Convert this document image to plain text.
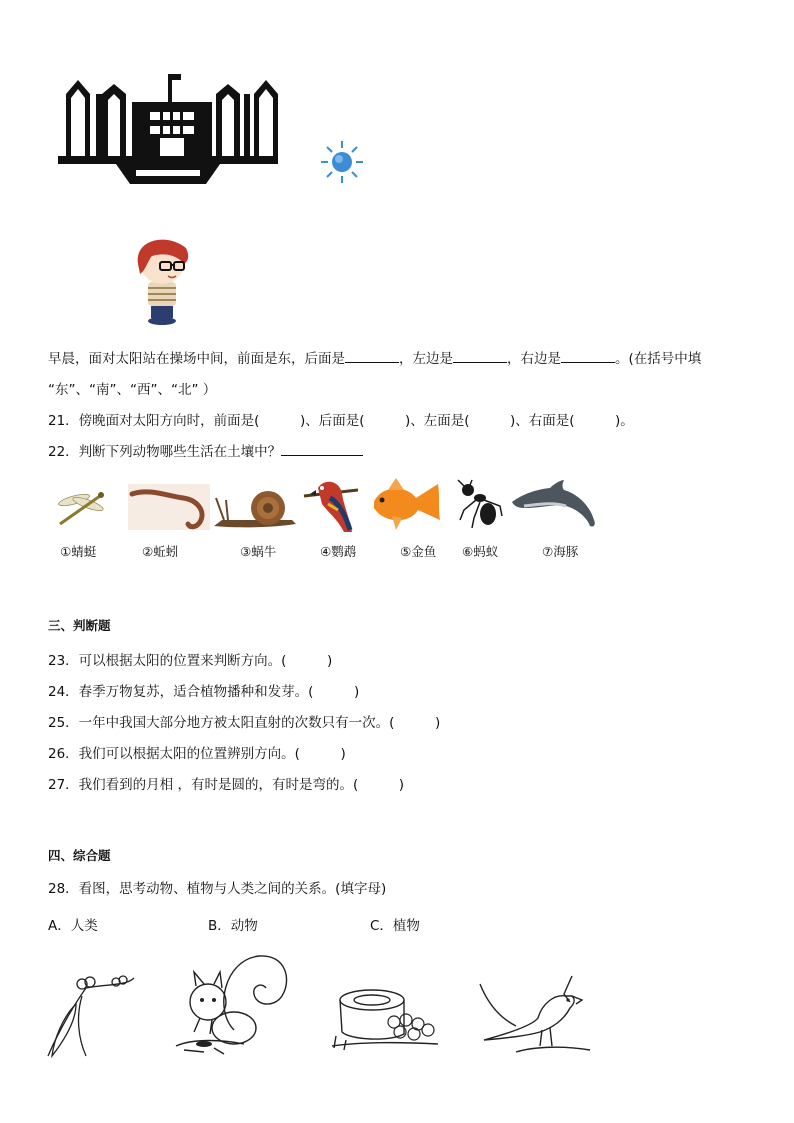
早晨，面对太阳站在操场中间，前面是东，后面是	，左边是	，右边是	。(在括号中填
“东”、“南”、“西”、“北” ）
21．傍晚面对太阳方向时，前面是(　　　)、后面是(　　　)、左面是(　　　)、右面是(　　　)。
22．判断下列动物哪些生活在土壤中？
①蜻蜓	②蚯蚓	③蜗牛	④鹦鹉	⑤金鱼 ⑥蚂蚁	⑦海豚
三、判断题
23．可以根据太阳的位置来判断方向。(　　　)
24．春季万物复苏，适合植物播种和发芽。(　　　)
25．一年中我国大部分地方被太阳直射的次数只有一次。(　　　)
26．我们可以根据太阳的位置辨别方向。(　　　)
27．我们看到的月相 ，有时是圆的，有时是弯的。(　　　)
四、综合题
28．看图，思考动物、植物与人类之间的关系。(填字母)
A．人类	B．动物	C．植物
